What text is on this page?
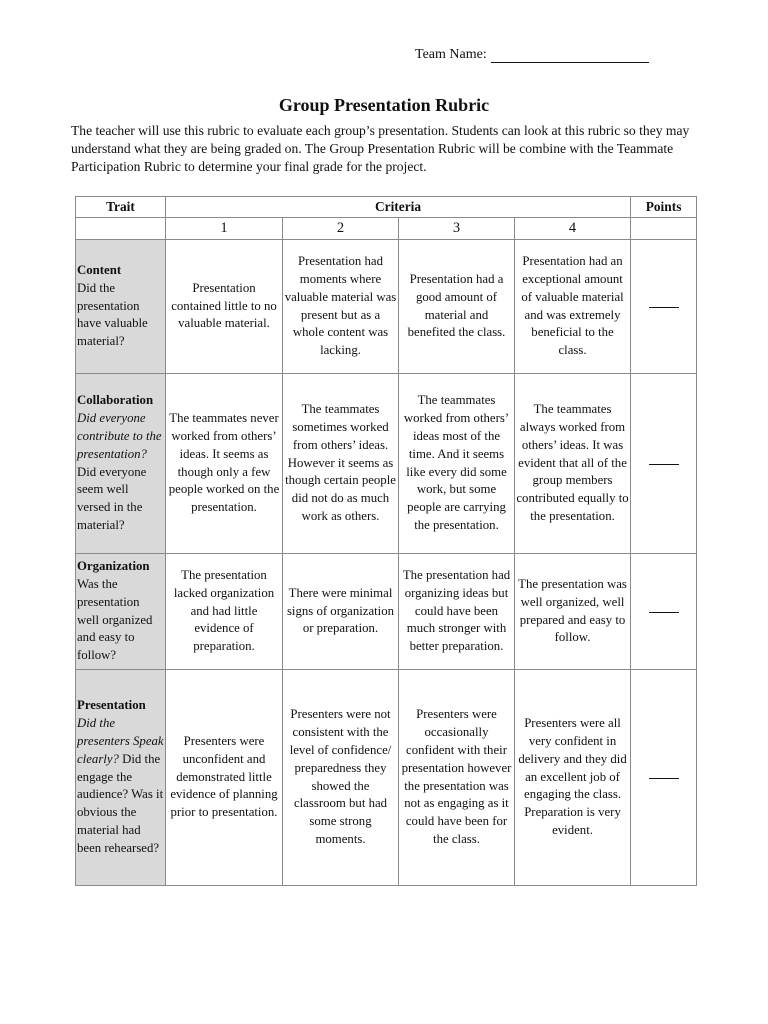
Team Name:
Group Presentation Rubric

The teacher will use this rubric to evaluate each group’s presentation. Students can look at this rubric so they may understand what they are being graded on. The Group Presentation Rubric will be combine with the Teammate Participation Rubric to determine your final grade for the project.

Trait	Criteria				Points
	1	2	3	4	

Content
Did the presentation have valuable material?	Presentation contained little to no valuable material.	Presentation had moments where valuable material was present but as a whole content was lacking.	Presentation had a good amount of material and benefited the class.	Presentation had an exceptional amount of valuable material and was extremely beneficial to the class.	

Collaboration
Did everyone contribute to the presentation? Did everyone seem well versed in the material?	The teammates never worked from others’ ideas. It seems as though only a few people worked on the presentation.	The teammates sometimes worked from others’ ideas. However it seems as though certain people did not do as much work as others.	The teammates worked from others’ ideas most of the time. And it seems like every did some work, but some people are carrying the presentation.	The teammates always worked from others’ ideas. It was evident that all of the group members contributed equally to the presentation.	

Organization
Was the presentation well organized and easy to follow?	The presentation lacked organization and had little evidence of preparation.	There were minimal signs of organization or preparation.	The presentation had organizing ideas but could have been much stronger with better preparation.	The presentation was well organized, well prepared and easy to follow.	

Presentation
Did the presenters Speak clearly? Did the engage the audience? Was it obvious the material had been rehearsed?	Presenters were unconfident and demonstrated little evidence of planning prior to presentation.	Presenters were not consistent with the level of confidence/ preparedness they showed the classroom but had some strong moments.	Presenters were occasionally confident with their presentation however the presentation was not as engaging as it could have been for the class.	Presenters were all very confident in delivery and they did an excellent job of engaging the class. Preparation is very evident.	
